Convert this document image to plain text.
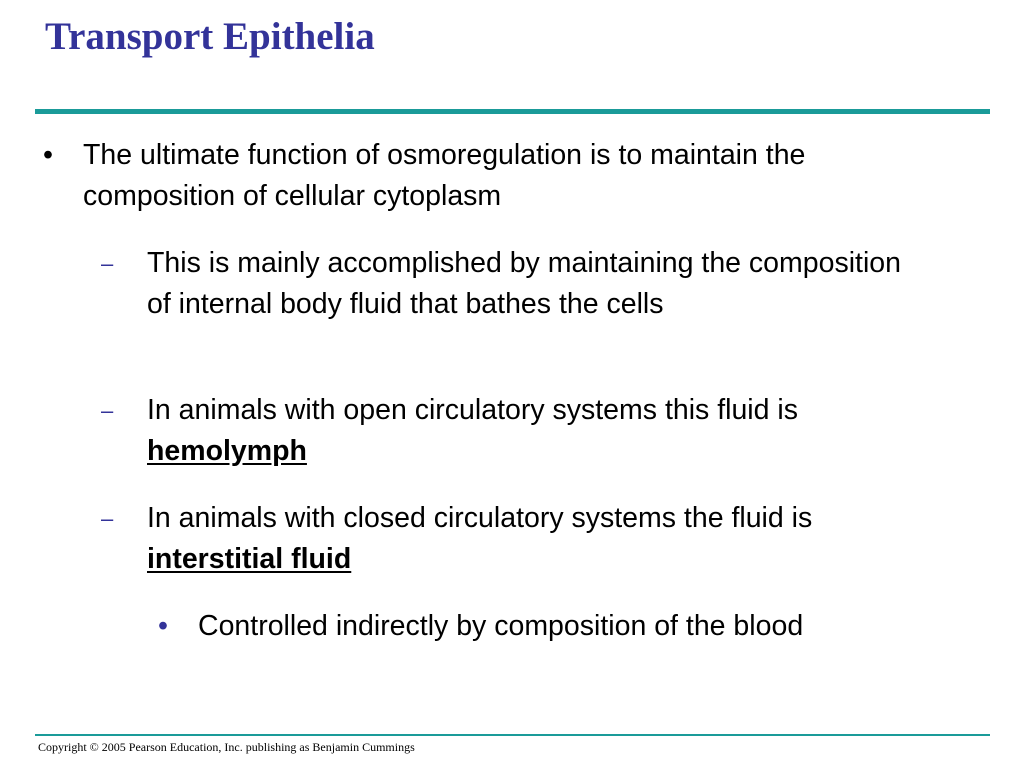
Transport Epithelia
• The ultimate function of osmoregulation is to maintain the composition of cellular cytoplasm
– This is mainly accomplished by maintaining the composition of internal body fluid that bathes the cells
– In animals with open circulatory systems this fluid is hemolymph
– In animals with closed circulatory systems the fluid is interstitial fluid
• Controlled indirectly by composition of the blood
Copyright © 2005 Pearson Education, Inc. publishing as Benjamin Cummings
